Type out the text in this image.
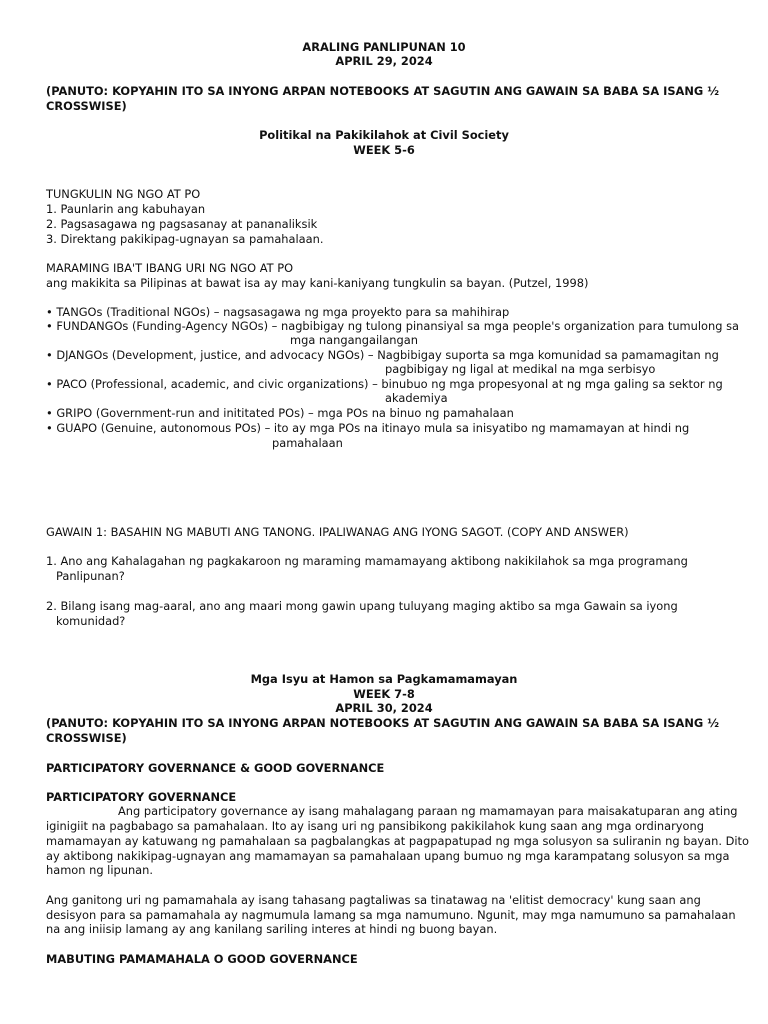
ARALING PANLIPUNAN 10
APRIL 29, 2024
(PANUTO: KOPYAHIN ITO SA INYONG ARPAN NOTEBOOKS AT SAGUTIN ANG GAWAIN SA BABA SA ISANG ½
CROSSWISE)
Politikal na Pakikilahok at Civil Society
WEEK 5-6
TUNGKULIN NG NGO AT PO
1. Paunlarin ang kabuhayan
2. Pagsasagawa ng pagsasanay at pananaliksik
3. Direktang pakikipag-ugnayan sa pamahalaan.
MARAMING IBA'T IBANG URI NG NGO AT PO
ang makikita sa Pilipinas at bawat isa ay may kani-kaniyang tungkulin sa bayan. (Putzel, 1998)
• TANGOs (Traditional NGOs) – nagsasagawa ng mga proyekto para sa mahihirap
• FUNDANGOs (Funding-Agency NGOs) – nagbibigay ng tulong pinansiyal sa mga people's organization para tumulong sa
mga nangangailangan
• DJANGOs (Development, justice, and advocacy NGOs) – Nagbibigay suporta sa mga komunidad sa pamamagitan ng
pagbibigay ng ligal at medikal na mga serbisyo
• PACO (Professional, academic, and civic organizations) – binubuo ng mga propesyonal at ng mga galing sa sektor ng
akademiya
• GRIPO (Government-run and inititated POs) – mga POs na binuo ng pamahalaan
• GUAPO (Genuine, autonomous POs) – ito ay mga POs na itinayo mula sa inisyatibo ng mamamayan at hindi ng
pamahalaan
GAWAIN 1: BASAHIN NG MABUTI ANG TANONG. IPALIWANAG ANG IYONG SAGOT. (COPY AND ANSWER)
1. Ano ang Kahalagahan ng pagkakaroon ng maraming mamamayang aktibong nakikilahok sa mga programang
Panlipunan?
2. Bilang isang mag-aaral, ano ang maari mong gawin upang tuluyang maging aktibo sa mga Gawain sa iyong
komunidad?
Mga Isyu at Hamon sa Pagkamamamayan
WEEK 7-8
APRIL 30, 2024
(PANUTO: KOPYAHIN ITO SA INYONG ARPAN NOTEBOOKS AT SAGUTIN ANG GAWAIN SA BABA SA ISANG ½
CROSSWISE)
PARTICIPATORY GOVERNANCE & GOOD GOVERNANCE
PARTICIPATORY GOVERNANCE
Ang participatory governance ay isang mahalagang paraan ng mamamayan para maisakatuparan ang ating
iginigiit na pagbabago sa pamahalaan. Ito ay isang uri ng pansibikong pakikilahok kung saan ang mga ordinaryong
mamamayan ay katuwang ng pamahalaan sa pagbalangkas at pagpapatupad ng mga solusyon sa suliranin ng bayan. Dito
ay aktibong nakikipag-ugnayan ang mamamayan sa pamahalaan upang bumuo ng mga karampatang solusyon sa mga
hamon ng lipunan.
Ang ganitong uri ng pamamahala ay isang tahasang pagtaliwas sa tinatawag na 'elitist democracy' kung saan ang
desisyon para sa pamamahala ay nagmumula lamang sa mga namumuno. Ngunit, may mga namumuno sa pamahalaan
na ang iniisip lamang ay ang kanilang sariling interes at hindi ng buong bayan.
MABUTING PAMAMAHALA O GOOD GOVERNANCE
